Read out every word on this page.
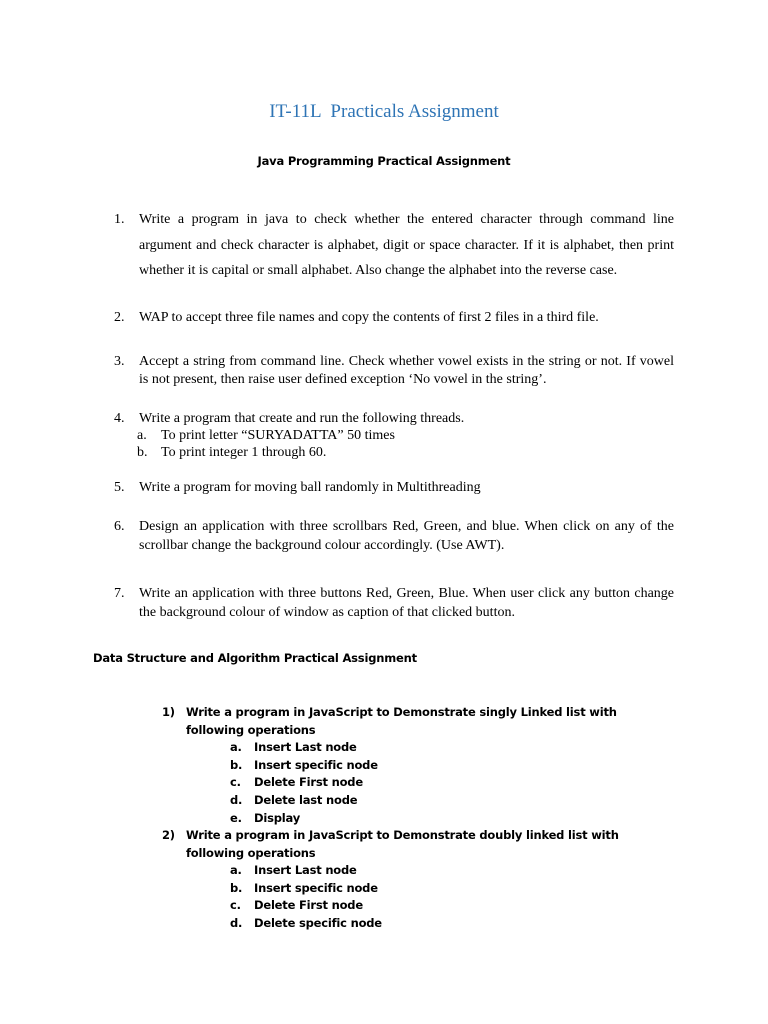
IT-11L  Practicals Assignment
Java Programming Practical Assignment
1. Write a program in java to check whether the entered character through command line argument and check character is alphabet, digit or space character. If it is alphabet, then print whether it is capital or small alphabet. Also change the alphabet into the reverse case.
2. WAP to accept three file names and copy the contents of first 2 files in a third file.
3. Accept a string from command line. Check whether vowel exists in the string or not. If vowel is not present, then raise user defined exception ‘No vowel in the string’.
4. Write a program that create and run the following threads.
a. To print letter “SURYADATTA” 50 times
b. To print integer 1 through 60.
5. Write a program for moving ball randomly in Multithreading
6. Design an application with three scrollbars Red, Green, and blue. When click on any of the scrollbar change the background colour accordingly. (Use AWT).
7. Write an application with three buttons Red, Green, Blue. When user click any button change the background colour of window as caption of that clicked button.
Data Structure and Algorithm Practical Assignment
1) Write a program in JavaScript to Demonstrate singly Linked list with following operations
a. Insert Last node
b. Insert specific node
c. Delete First node
d. Delete last node
e. Display
2) Write a program in JavaScript to Demonstrate doubly linked list with following operations
a. Insert Last node
b. Insert specific node
c. Delete First node
d. Delete specific node
